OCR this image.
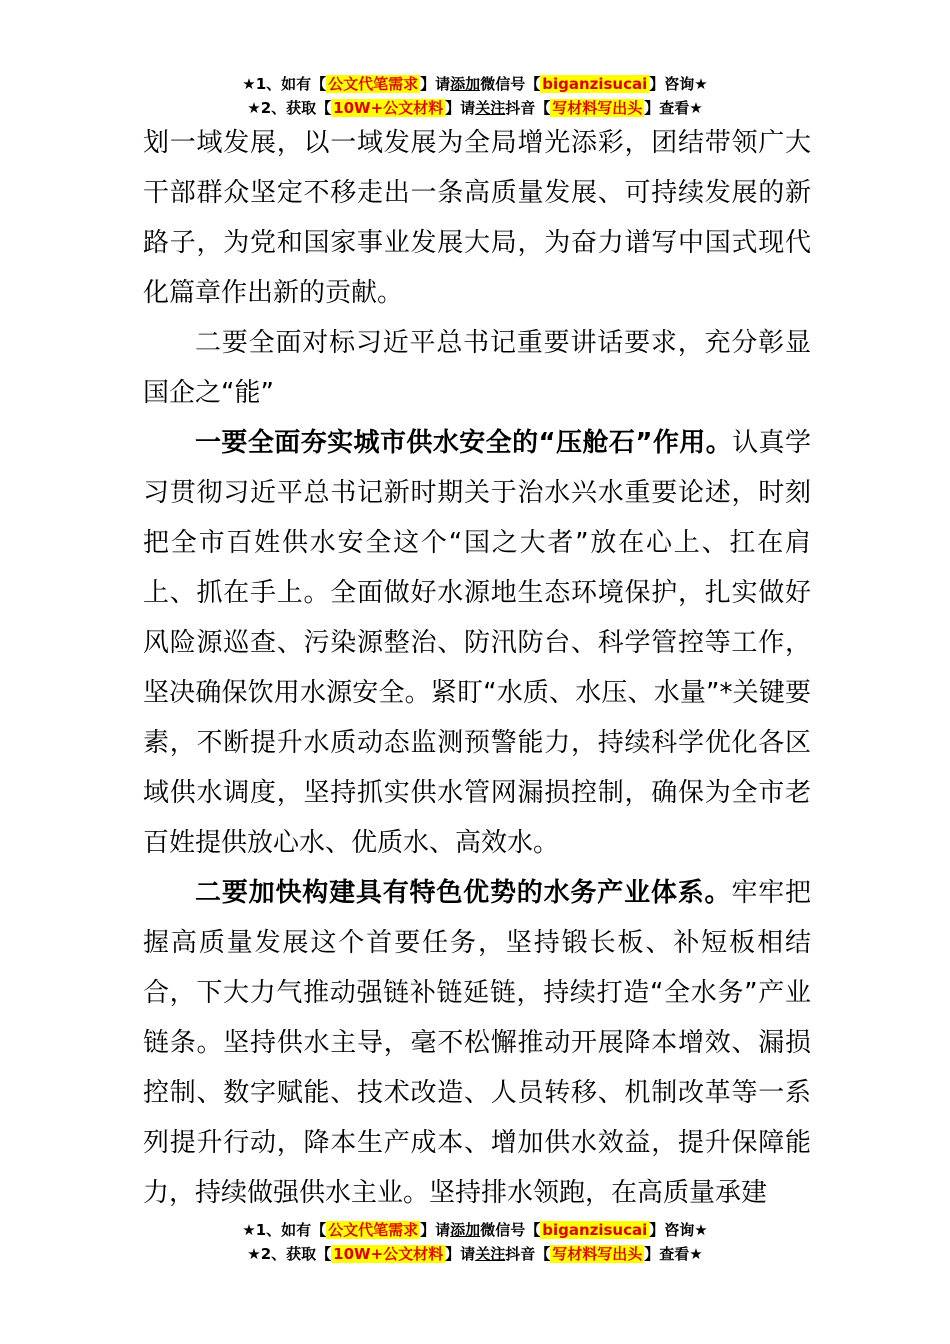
★1、如有【 公文代笔需求 】请添加微信号【 biganzisucai 】咨询★
★2、获取【 10W+公文材料 】请关注抖音【 写材料写出头 】查看★

划一域发展，以一域发展为全局增光添彩，团结带领广大干部群众坚定不移走出一条高质量发展、可持续发展的新路子，为党和国家事业发展大局，为奋力谱写中国式现代化篇章作出新的贡献。

二要全面对标习近平总书记重要讲话要求，充分彰显国企之“能”

一要全面夯实城市供水安全的“压舱石”作用。认真学习贯彻习近平总书记新时期关于治水兴水重要论述，时刻把全市百姓供水安全这个“国之大者”放在心上、扛在肩上、抓在手上。全面做好水源地生态环境保护，扎实做好风险源巡查、污染源整治、防汛防台、科学管控等工作，坚决确保饮用水源安全。紧盯“水质、水压、水量”*关键要素，不断提升水质动态监测预警能力，持续科学优化各区域供水调度，坚持抓实供水管网漏损控制，确保为全市老百姓提供放心水、优质水、高效水。

二要加快构建具有特色优势的水务产业体系。牢牢把握高质量发展这个首要任务，坚持锻长板、补短板相结合，下大力气推动强链补链延链，持续打造“全水务”产业链条。坚持供水主导，毫不松懈推动开展降本增效、漏损控制、数字赋能、技术改造、人员转移、机制改革等一系列提升行动，降本生产成本、增加供水效益，提升保障能力，持续做强供水主业。坚持排水领跑，在高质量承建

★1、如有【 公文代笔需求 】请添加微信号【 biganzisucai 】咨询★
★2、获取【 10W+公文材料 】请关注抖音【 写材料写出头 】查看★
